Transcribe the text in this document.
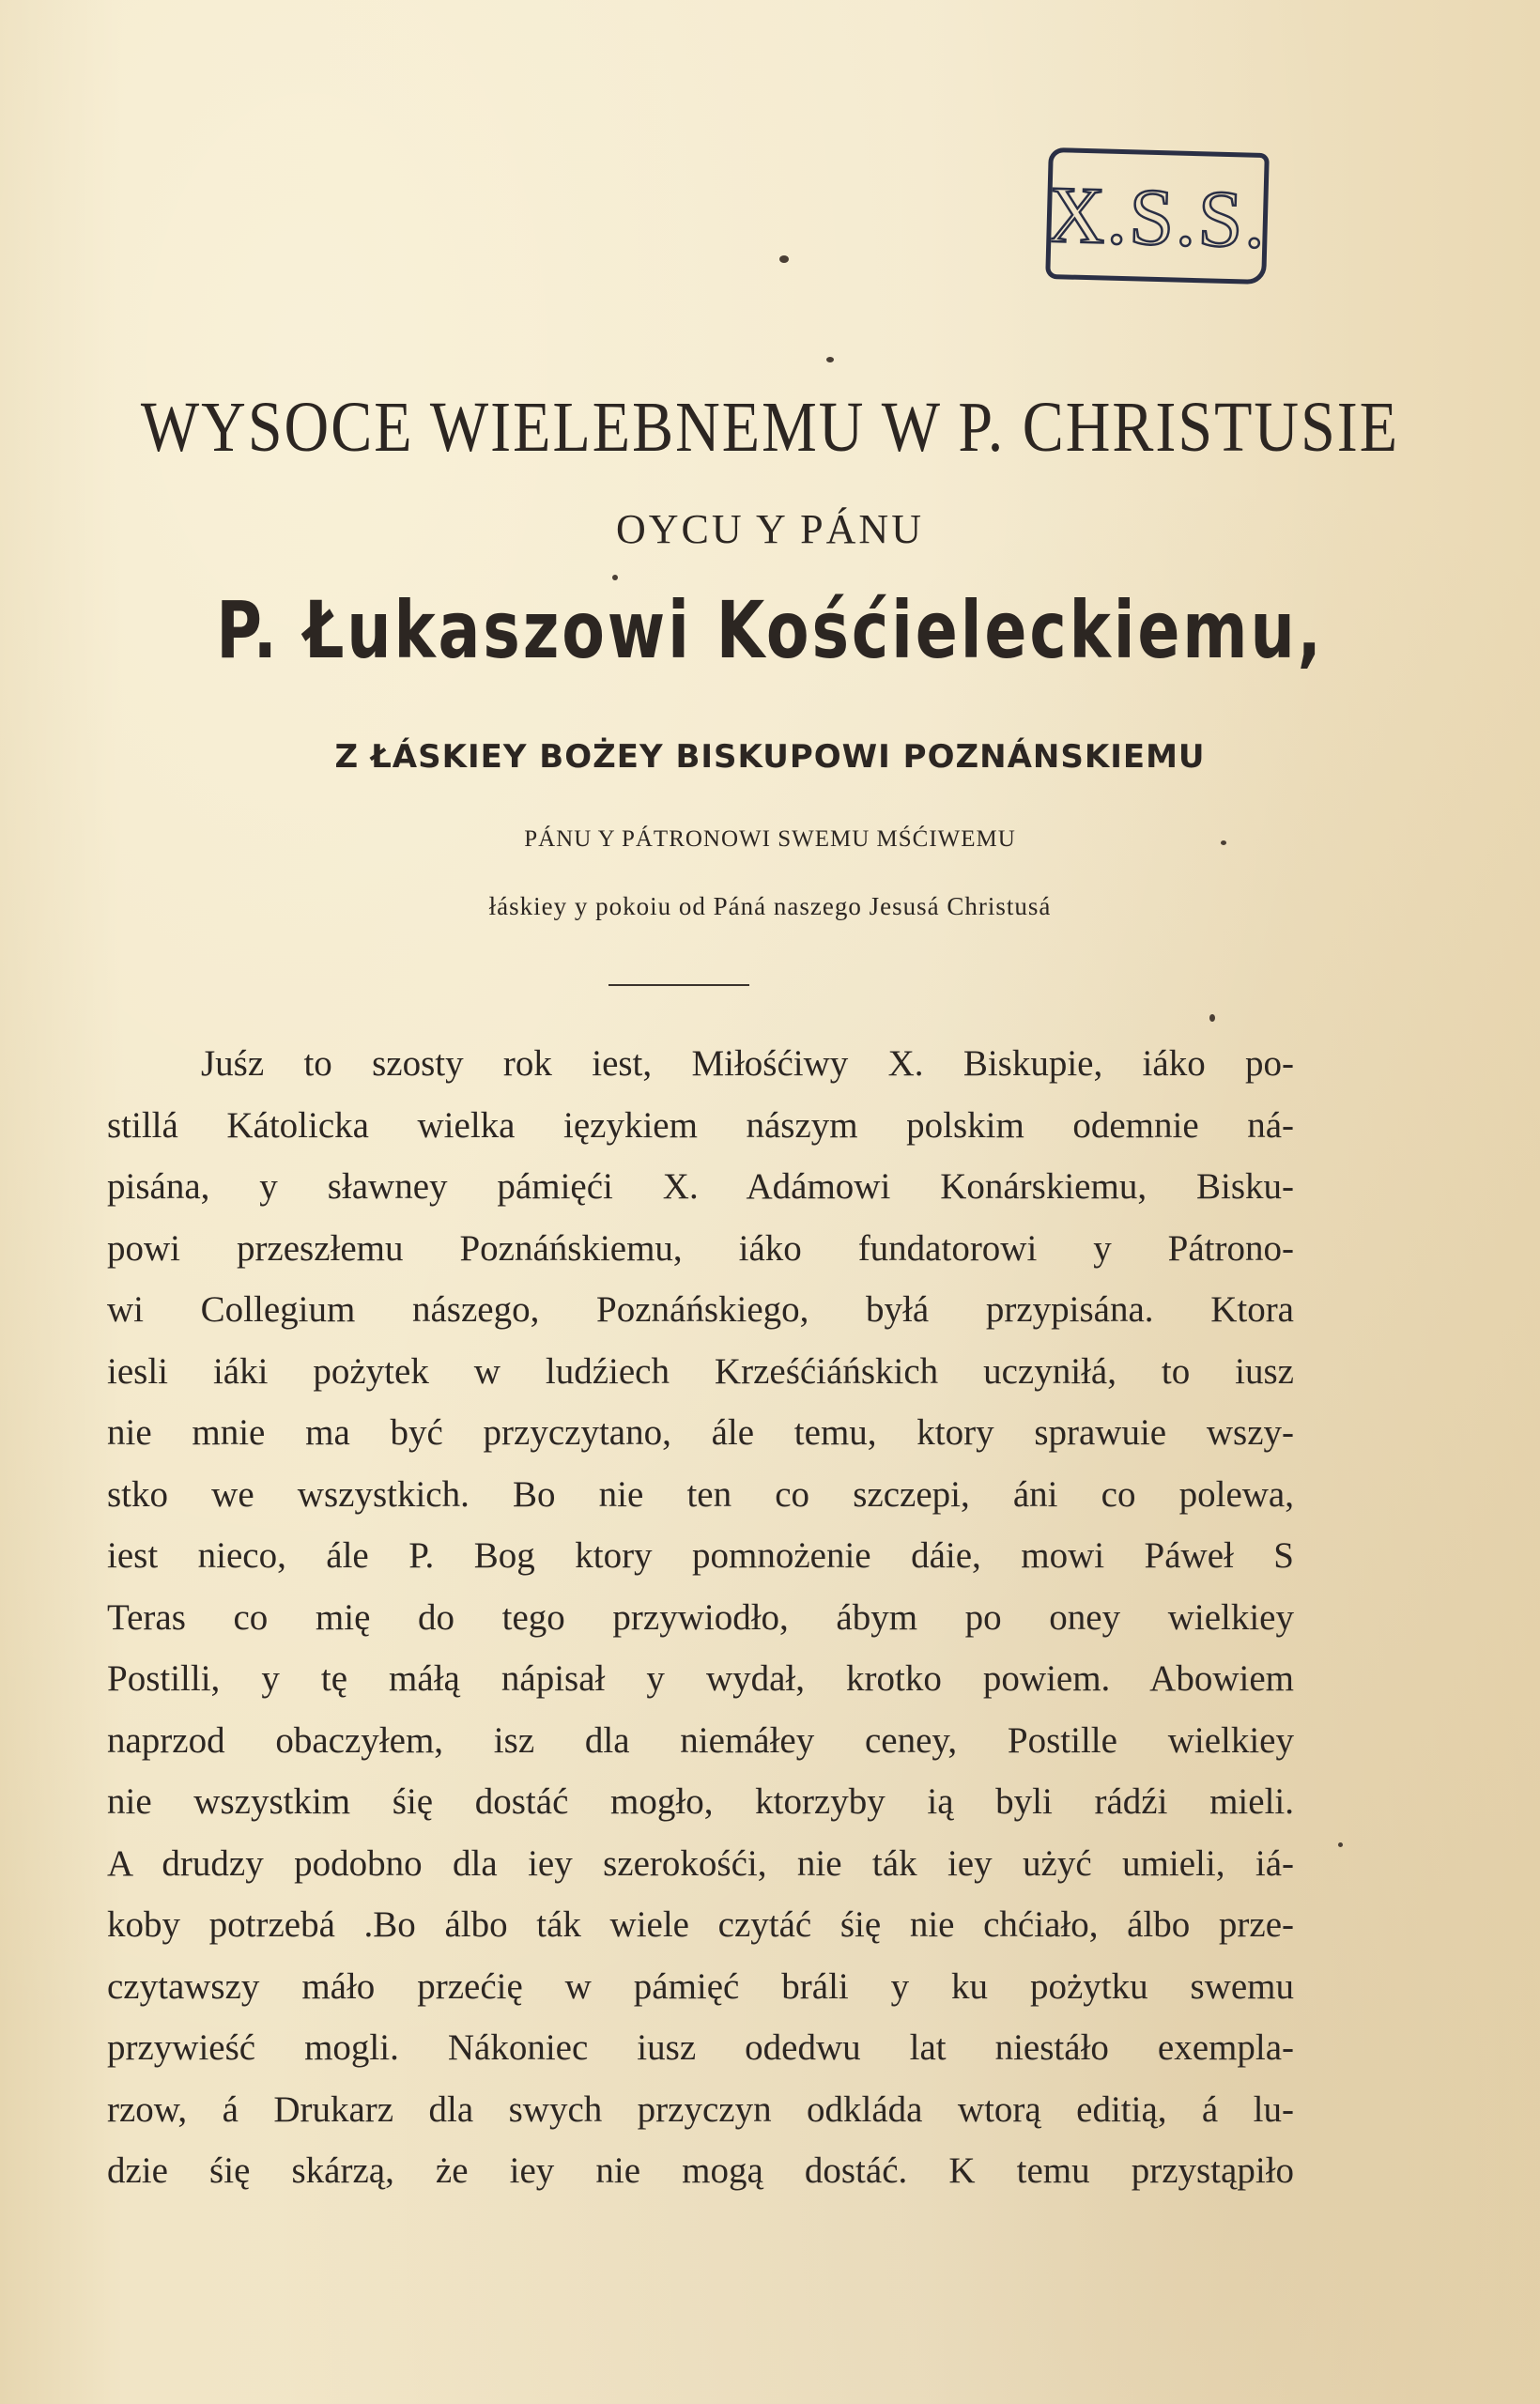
X.S.S.
WYSOCE WIELEBNEMU W P. CHRISTUSIE
OYCU Y PÁNU
P. Łukaszowi Kośćieleckiemu,
Z ŁÁSKIEY BOŻEY BISKUPOWI POZNÁNSKIEMU
PÁNU Y PÁTRONOWI SWEMU MŚĆIWEMU
łáskiey y pokoiu od Páná naszego Jesusá Christusá
Juśz to szosty rok iest, Miłośćiwy X. Biskupie, iáko po-
stillá Kátolicka wielka ięzykiem nászym polskim odemnie ná-
pisána, y sławney pámięći X. Adámowi Konárskiemu, Bisku-
powi przeszłemu Poznáńskiemu, iáko fundatorowi y Pátrono-
wi Collegium nászego, Poznáńskiego, byłá przypisána. Ktora
iesli iáki pożytek w ludźiech Krześćiáńskich uczyniłá, to iusz
nie mnie ma być przyczytano, ále temu, ktory sprawuie wszy-
stko we wszystkich. Bo nie ten co szczepi, áni co polewa,
iest nieco, ále P. Bog ktory pomnożenie dáie, mowi Páweł S
Teras co mię do tego przywiodło, ábym po oney wielkiey
Postilli, y tę máłą nápisał y wydał, krotko powiem. Abowiem
naprzod obaczyłem, isz dla niemáłey ceney, Postille wielkiey
nie wszystkim śię dostáć mogło, ktorzyby ią byli rádźi mieli.
A drudzy podobno dla iey szerokośći, nie ták iey użyć umieli, iá-
koby potrzebá .Bo álbo ták wiele czytáć śię nie chćiało, álbo prze-
czytawszy máło przećię w pámięć bráli y ku pożytku swemu
przywieść mogli. Nákoniec iusz odedwu lat niestáło exempla-
rzow, á Drukarz dla swych przyczyn odkláda wtorą editią, á lu-
dzie śię skárzą, że iey nie mogą dostáć. K temu przystąpiło
